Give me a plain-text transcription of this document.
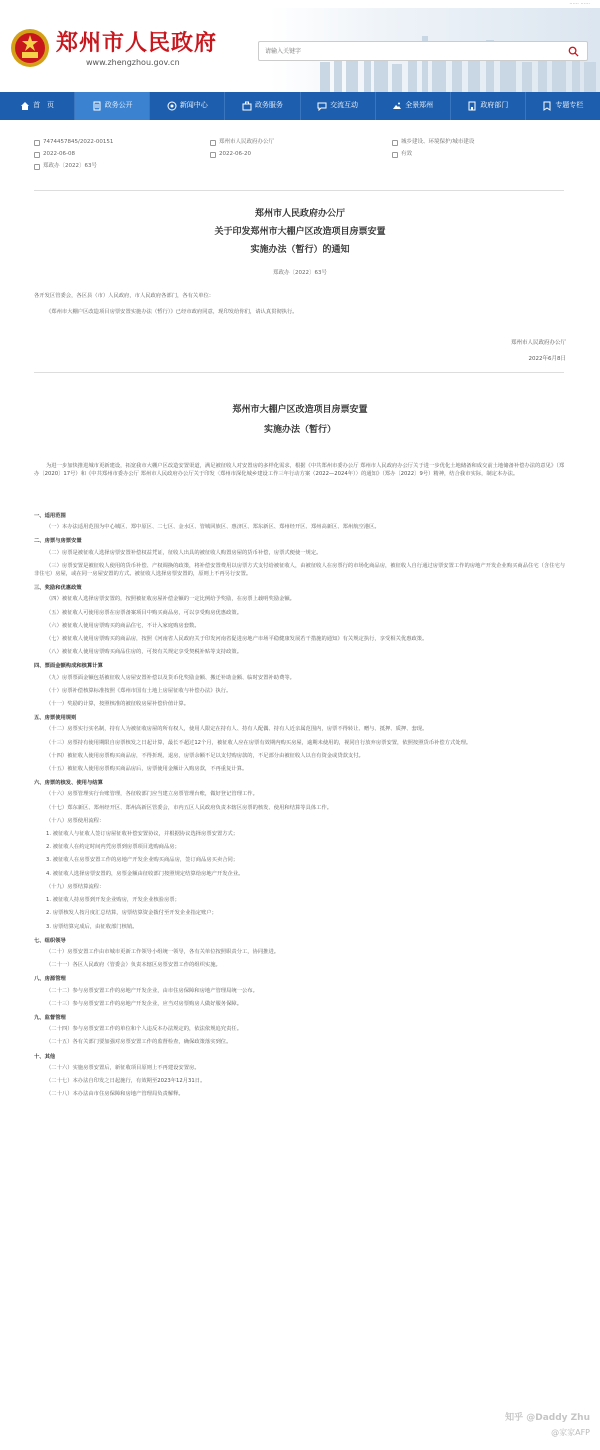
...... ......
郑州市人民政府
www.zhengzhou.gov.cn
请输入关键字
首　页	政务公开	新闻中心	政务服务	交流互动	全景郑州	政府部门	专题专栏
7474457845/2022-00151	郑州市人民政府办公厅	城乡建设、环境保护/城市建设
2022-06-08	2022-06-20	有效
郑政办〔2022〕63号
郑州市人民政府办公厅
关于印发郑州市大棚户区改造项目房票安置
实施办法（暂行）的通知
郑政办〔2022〕63号
各开发区管委会，各区县（市）人民政府，市人民政府各部门，各有关单位：
《郑州市大棚户区改造项目房票安置实施办法（暂行）》已经市政府同意，现印发给你们，请认真贯彻执行。
郑州市人民政府办公厅
2022年6月8日
郑州市大棚户区改造项目房票安置
实施办法（暂行）
为进一步加快推进城市更新建设，拓宽我市大棚户区改造安置渠道，满足被征收人对安置房的多样化需求，根据《中共郑州市委办公厅 郑州市人民政府办公厅关于进一步优化土地储备和成交前土地储备补偿办法的意见》（郑办〔2020〕17号）和《中共郑州市委办公厅 郑州市人民政府办公厅关于印发〈郑州市深化城乡建设工作三年行动方案（2022—2024年）〉的通知》（郑办〔2022〕9号）精神，结合我市实际，制定本办法。
一、适用范围
（一）本办法适用范围为中心城区、郑中原区、二七区、金水区、管城回族区、惠济区、郑东新区、郑州经开区、郑州高新区、郑州航空港区。
二、房票与房票安置
（二）房票是被征收人选择房票安置补偿权益凭证，征收人出具的被征收人购置房屋的货币补偿，房票式便使一规定。
（三）房票安置是被征收人使用的货币补偿、产权调换的政策，将补偿安置费用以房票方式支付给被征收人，由被征收人在房票行的市场化商品房，被征收人自行通过房票安置工作的房地产开发企业购买商品住宅（含住宅与非住宅）房屋，或在同一房屋安置的方式。被征收人选择房票安置的，原则上不再另行安置。
三、奖励和优惠政策
（四）被征收人选择房票安置的，按照被征收房屋补偿金额的一定比例给予奖励，在房票上载明奖励金额。
（五）被征收人可使用房票在房票备案项目中购买商品房，可以享受购房优惠政策。
（六）被征收人使用房票购买的商品住宅，不计入家庭购房套数。
（七）被征收人使用房票购买的商品房，按照《河南省人民政府关于印发河南省促进房地产市场平稳健康发展若干措施的通知》有关规定执行，享受相关优惠政策。
（八）被征收人使用房票购买商品住房的，可按有关规定享受契税补贴等支持政策。
四、票面金额构成和核算计算
（九）房票票面金额包括被征收人房屋安置补偿以及货币化奖励金额、搬迁补助金额、临时安置补助费等。
（十）房票补偿核算标准按照《郑州市国有土地上房屋征收与补偿办法》执行。
（十一）奖励的计算，按照核准的被征收房屋补偿价值计算。
五、房票使用规则
（十二）房票实行实名制，持有人为被征收房屋的所有权人，使用人限定在持有人、持有人配偶、持有人近亲属范围内，房票不得转让、赠与、抵押、质押、套现。
（十三）房票持有使用期限自房票核发之日起计算，最长不超过12个月，被征收人应在房票有效期内购买房屋，逾期未使用的，视同自行放弃房票安置，依照按照货币补偿方式处理。
（十四）被征收人使用房票购买商品房，不得折现、退房，房票余额不足以支付购房款的，不足部分由被征收人以自有资金或贷款支付。
（十五）被征收人使用房票购买商品房后，房票使用金额计入购房款，不再重复计算。
六、房票的核发、使用与结算
（十六）房票管理实行台账管理，各征收部门应当建立房票管理台账，做好登记管理工作。
（十七）郑东新区、郑州经开区、郑州高新区管委会，市内五区人民政府负责本辖区房票的核发、使用和结算等具体工作。
（十八）房票使用流程：
1. 被征收人与征收人签订房屋征收补偿安置协议，并根据协议选择房票安置方式；
2. 被征收人在约定时间内凭房票到房票项目选购商品房；
3. 被征收人在房票安置工作的房地产开发企业购买商品房，签订商品房买卖合同；
4. 被征收人选择房票安置的，房票金额由征收部门按照规定结算给房地产开发企业。
（十九）房票结算流程：
1. 被征收人持房票到开发企业购房，开发企业核验房票；
2. 房票核发人按月度汇总结算，房票结算资金拨付至开发企业指定账户；
3. 房票结算完成后，由征收部门核销。
七、组织领导
（二十）房票安置工作由市城市更新工作领导小组统一领导，各有关单位按照职责分工，协同推进。
（二十一）各区人民政府（管委会）负责本辖区房票安置工作的组织实施。
八、房源管理
（二十二）参与房票安置工作的房地产开发企业，由市住房保障和房地产管理局统一公布。
（二十三）参与房票安置工作的房地产开发企业，应当对房票购房人做好服务保障。
九、监督管理
（二十四）参与房票安置工作的单位和个人违反本办法规定的，依法依规追究责任。
（二十五）各有关部门要加强对房票安置工作的监督检查，确保政策落实到位。
十、其他
（二十六）实施房票安置后，新征收项目原则上不再建设安置房。
（二十七）本办法自印发之日起施行，有效期至2023年12月31日。
（二十八）本办法由市住房保障和房地产管理局负责解释。
知乎 @Daddy Zhu
@家家AFP
